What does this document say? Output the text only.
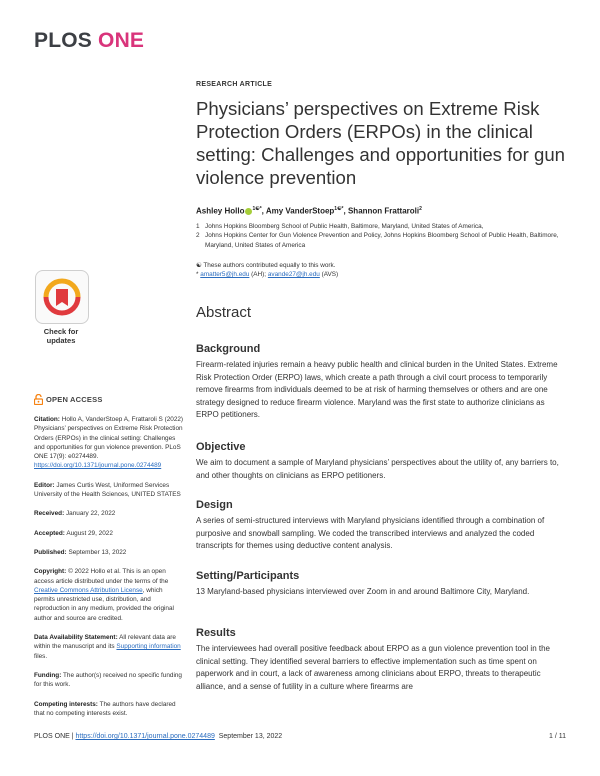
PLOS ONE
Check for
updates
OPEN ACCESS
Citation: Hollo A, VanderStoep A, Frattaroli S (2022) Physicians’ perspectives on Extreme Risk Protection Orders (ERPOs) in the clinical setting: Challenges and opportunities for gun violence prevention. PLoS ONE 17(9): e0274489. https://doi.org/10.1371/journal.pone.0274489
Editor: James Curtis West, Uniformed Services University of the Health Sciences, UNITED STATES
Received: January 22, 2022
Accepted: August 29, 2022
Published: September 13, 2022
Copyright: © 2022 Hollo et al. This is an open access article distributed under the terms of the Creative Commons Attribution License, which permits unrestricted use, distribution, and reproduction in any medium, provided the original author and source are credited.
Data Availability Statement: All relevant data are within the manuscript and its Supporting information files.
Funding: The author(s) received no specific funding for this work.
Competing interests: The authors have declared that no competing interests exist.
RESEARCH ARTICLE
Physicians’ perspectives on Extreme Risk Protection Orders (ERPOs) in the clinical setting: Challenges and opportunities for gun violence prevention
Ashley Hollo $^{1☯*}$, Amy VanderStoep$^{1☯*}$, Shannon Frattaroli$^2$
1 Johns Hopkins Bloomberg School of Public Health, Baltimore, Maryland, United States of America,
2 Johns Hopkins Center for Gun Violence Prevention and Policy, Johns Hopkins Bloomberg School of Public Health, Baltimore, Maryland, United States of America
☯ These authors contributed equally to this work.
* amatter5@jh.edu (AH); avande27@jh.edu (AVS)
Abstract
Background

Firearm-related injuries remain a heavy public health and clinical burden in the United States. Extreme Risk Protection Order (ERPO) laws, which create a path through a civil court process to temporarily remove firearms from individuals deemed to be at risk of harming themselves or others and are one strategy designed to reduce firearm violence. Maryland was the first state to authorize clinicians as ERPO petitioners.

Objective

We aim to document a sample of Maryland physicians’ perspectives about the utility of, any barriers to, and other thoughts on clinicians as ERPO petitioners.

Design

A series of semi-structured interviews with Maryland physicians identified through a combination of purposive and snowball sampling. We coded the transcribed interviews and analyzed the coded transcripts for themes using deductive content analysis.

Setting/Participants

13 Maryland-based physicians interviewed over Zoom in and around Baltimore City, Maryland.

Results

The interviewees had overall positive feedback about ERPO as a gun violence prevention tool in the clinical setting. They identified several barriers to effective implementation such as time spent on paperwork and in court, a lack of awareness among clinicians about ERPO, threats to therapeutic alliance, and a sense of futility in a culture where firearms are

PLOS ONE | https://doi.org/10.1371/journal.pone.0274489 September 13, 2022	1 / 11
